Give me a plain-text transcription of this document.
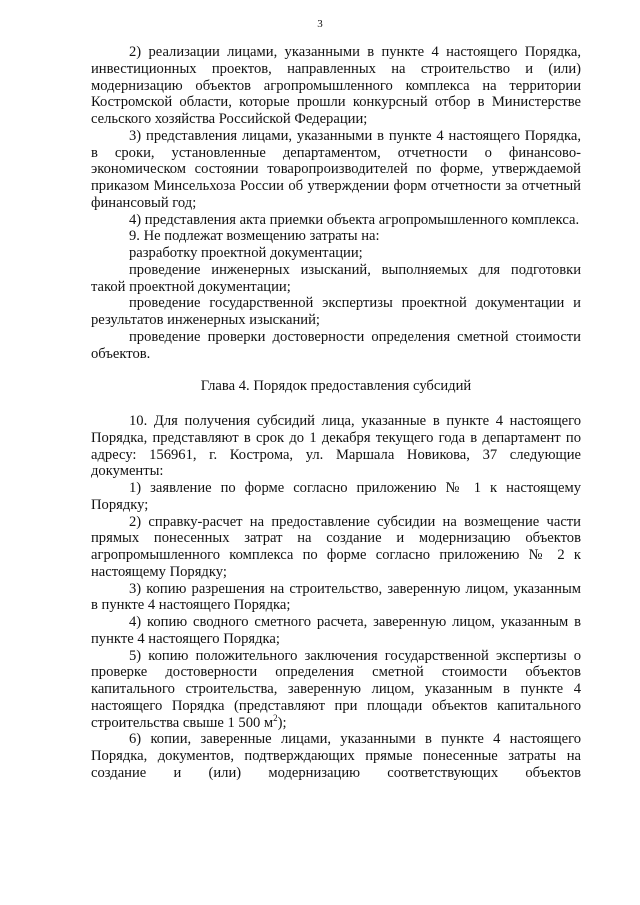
3

2) реализации лицами, указанными в пункте 4 настоящего Порядка, инвестиционных проектов, направленных на строительство и (или) модернизацию объектов агропромышленного комплекса на территории Костромской области, которые прошли конкурсный отбор в Министерстве сельского хозяйства Российской Федерации;

3) представления лицами, указанными в пункте 4 настоящего Порядка, в сроки, установленные департаментом, отчетности о финансово-экономическом состоянии товаропроизводителей по форме, утверждаемой приказом Минсельхоза России об утверждении форм отчетности за отчетный финансовый год;

4) представления акта приемки объекта агропромышленного комплекса.

9. Не подлежат возмещению затраты на:

разработку проектной документации;

проведение инженерных изысканий, выполняемых для подготовки такой проектной документации;

проведение государственной экспертизы проектной документации и результатов инженерных изысканий;

проведение проверки достоверности определения сметной стоимости объектов.

Глава 4. Порядок предоставления субсидий

10. Для получения субсидий лица, указанные в пункте 4 настоящего Порядка, представляют в срок до 1 декабря текущего года в департамент по адресу: 156961, г. Кострома, ул. Маршала Новикова, 37 следующие документы:

1) заявление по форме согласно приложению № 1 к настоящему Порядку;

2) справку-расчет на предоставление субсидии на возмещение части прямых понесенных затрат на создание и модернизацию объектов агропромышленного комплекса по форме согласно приложению № 2 к настоящему Порядку;

3) копию разрешения на строительство, заверенную лицом, указанным в пункте 4 настоящего Порядка;

4) копию сводного сметного расчета, заверенную лицом, указанным в пункте 4 настоящего Порядка;

5) копию положительного заключения государственной экспертизы о проверке достоверности определения сметной стоимости объектов капитального строительства, заверенную лицом, указанным в пункте 4 настоящего Порядка (представляют при площади объектов капитального строительства свыше 1 500 $м^2$);

6) копии, заверенные лицами, указанными в пункте 4 настоящего Порядка, документов, подтверждающих прямые понесенные затраты на создание и (или) модернизацию соответствующих объектов
